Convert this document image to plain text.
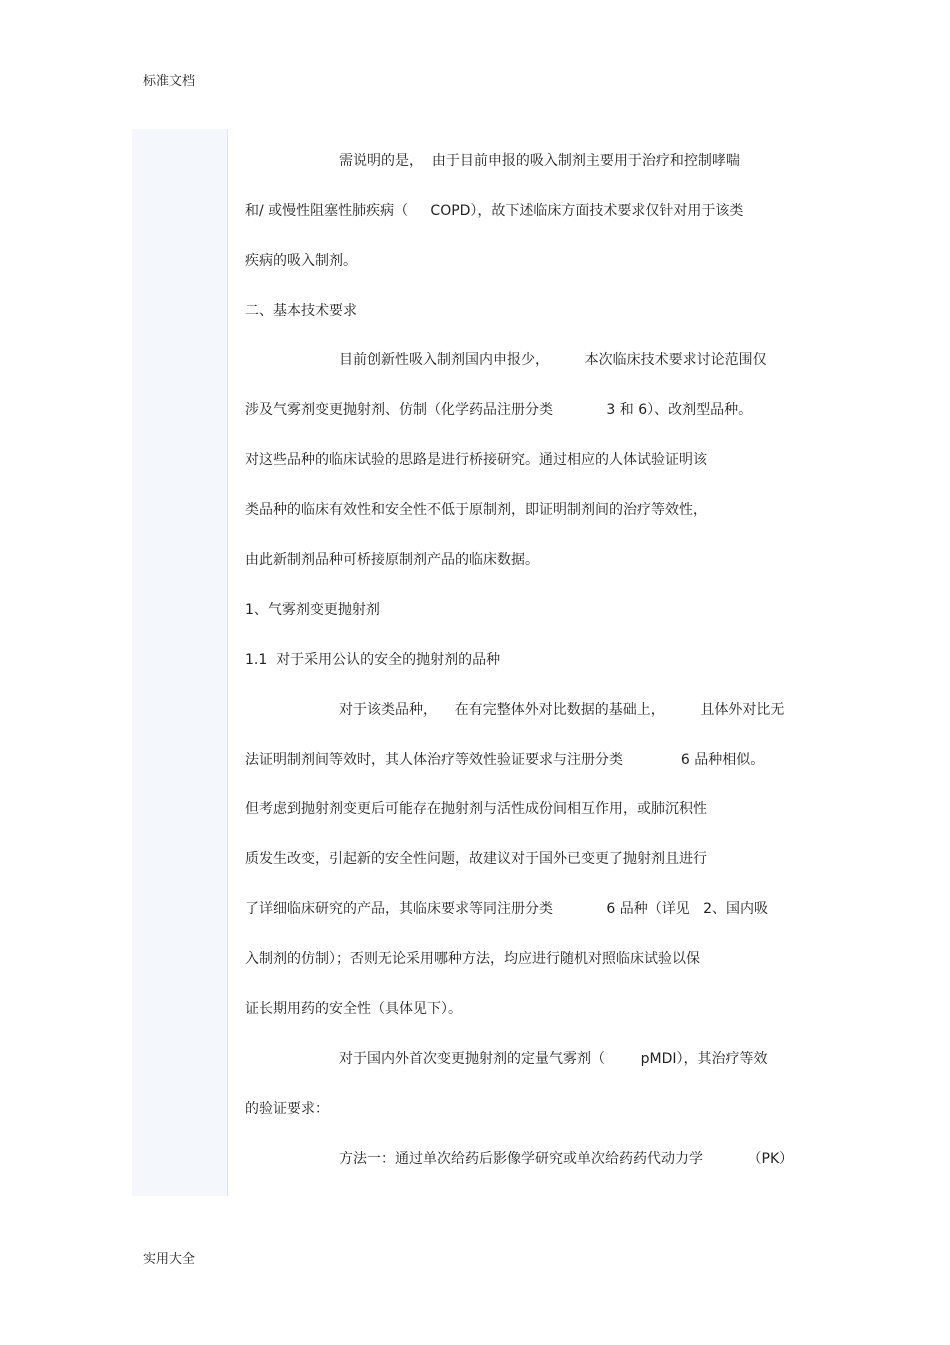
标准文档
需说明的是，  由于目前申报的吸入制剂主要用于治疗和控制哮喘
和/ 或慢性阻塞性肺疾病（     COPD），故下述临床方面技术要求仅针对用于该类
疾病的吸入制剂。
二、基本技术要求
目前创新性吸入制剂国内申报少，        本次临床技术要求讨论范围仅
涉及气雾剂变更抛射剂、仿制（化学药品注册分类            3 和 6）、改剂型品种。
对这些品种的临床试验的思路是进行桥接研究。通过相应的人体试验证明该
类品种的临床有效性和安全性不低于原制剂，即证明制剂间的治疗等效性，
由此新制剂品种可桥接原制剂产品的临床数据。
1、气雾剂变更抛射剂
1.1  对于采用公认的安全的抛射剂的品种
对于该类品种，    在有完整体外对比数据的基础上，        且体外对比无
法证明制剂间等效时，其人体治疗等效性验证要求与注册分类             6 品种相似。
但考虑到抛射剂变更后可能存在抛射剂与活性成份间相互作用，或肺沉积性
质发生改变，引起新的安全性问题，故建议对于国外已变更了抛射剂且进行
了详细临床研究的产品，其临床要求等同注册分类            6 品种（详见   2、国内吸
入制剂的仿制）；否则无论采用哪种方法，均应进行随机对照临床试验以保
证长期用药的安全性（具体见下）。
对于国内外首次变更抛射剂的定量气雾剂（        pMDI），其治疗等效
的验证要求：
方法一：通过单次给药后影像学研究或单次给药药代动力学          （PK）
实用大全
